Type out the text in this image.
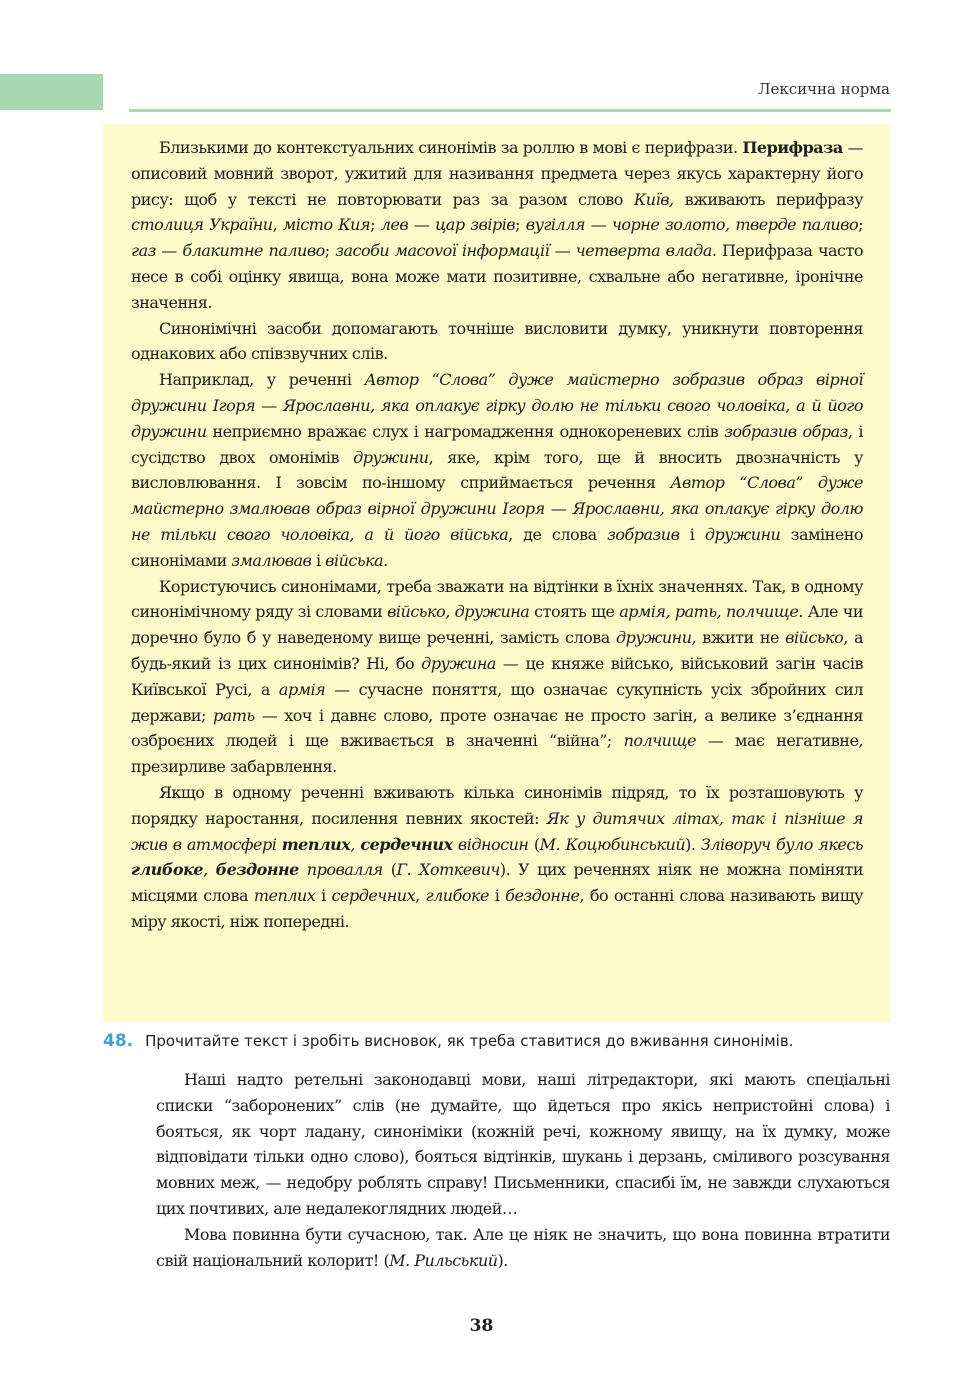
Лексична норма

Близькими до контекстуальних синонімів за роллю в мові є перифрази. Перифраза — описовий мовний зворот, ужитий для називання предмета через якусь характерну його рису: щоб у тексті не повторювати раз за разом слово Київ, вживають перифразу столиця України, місто Кия; лев — цар звірів; вугілля — чорне золото, тверде паливо; газ — блакитне паливо; засоби масоvої інформації — четверта влада. Перифраза часто несе в собі оцінку явища, вона може мати позитивне, схвальне або негативне, іронічне значення.

Синонімічні засоби допомагають точніше висловити думку, уникнути повторення однакових або співзвучних слів.

Наприклад, у реченні Автор “Слова” дуже майстерно зобразив образ вірної дружини Ігоря — Ярославни, яка оплакує гірку долю не тільки свого чоловіка, а й його дружини неприємно вражає слух і нагромадження однокореневих слів зобразив образ, і сусідство двох омонімів дружини, яке, крім того, ще й вносить двозначність у висловлювання. І зовсім по-іншому сприймається речення Автор “Слова” дуже майстерно змалював образ вірної дружини Ігоря — Ярославни, яка оплакує гірку долю не тільки свого чоловіка, а й його війська, де слова зобразив і дружини замінено синонімами змалював і війська.

Користуючись синонімами, треба зважати на відтінки в їхніх значеннях. Так, в одному синонімічному ряду зі словами військо, дружина стоять ще армія, рать, полчище. Але чи доречно було б у наведеному вище реченні, замість слова дружини, вжити не військо, а будь-який із цих синонімів? Ні, бо дружина — це княже військо, військовий загін часів Київської Русі, а армія — сучасне поняття, що означає сукупність усіх збройних сил держави; рать — хоч і давнє слово, проте означає не просто загін, а велике з’єднання озброєних людей і ще вживається в значенні “війна”; полчище — має негативне, презирливе забарвлення.

Якщо в одному реченні вживають кілька синонімів підряд, то їх розташовують у порядку наростання, посилення певних якостей: Як у дитячих літах, так і пізніше я жив в атмосфері теплих, сердечних відносин (М. Коцюбинський). Зліворуч було якесь глибоке, бездонне провалля (Г. Хоткевич). У цих реченнях ніяк не можна поміняти місцями слова теплих і сердечних, глибоке і бездонне, бо останні слова називають вищу міру якості, ніж попередні.

48. Прочитайте текст і зробіть висновок, як треба ставитися до вживання синонімів.

Наші надто ретельні законодавці мови, наші літредактори, які мають спеціальні списки “заборонених” слів (не думайте, що йдеться про якісь непристойні слова) і бояться, як чорт ладану, синоніміки (кожній речі, кожному явищу, на їх думку, може відповідати тільки одно слово), бояться відтінків, шукань і дерзань, сміливого розсування мовних меж, — недобру роблять справу! Письменники, спасибі їм, не завжди слухаються цих почтивих, але недалекоглядних людей…

Мова повинна бути сучасною, так. Але це ніяк не значить, що вона повинна втратити свій національний колорит! (М. Рильський).

38
